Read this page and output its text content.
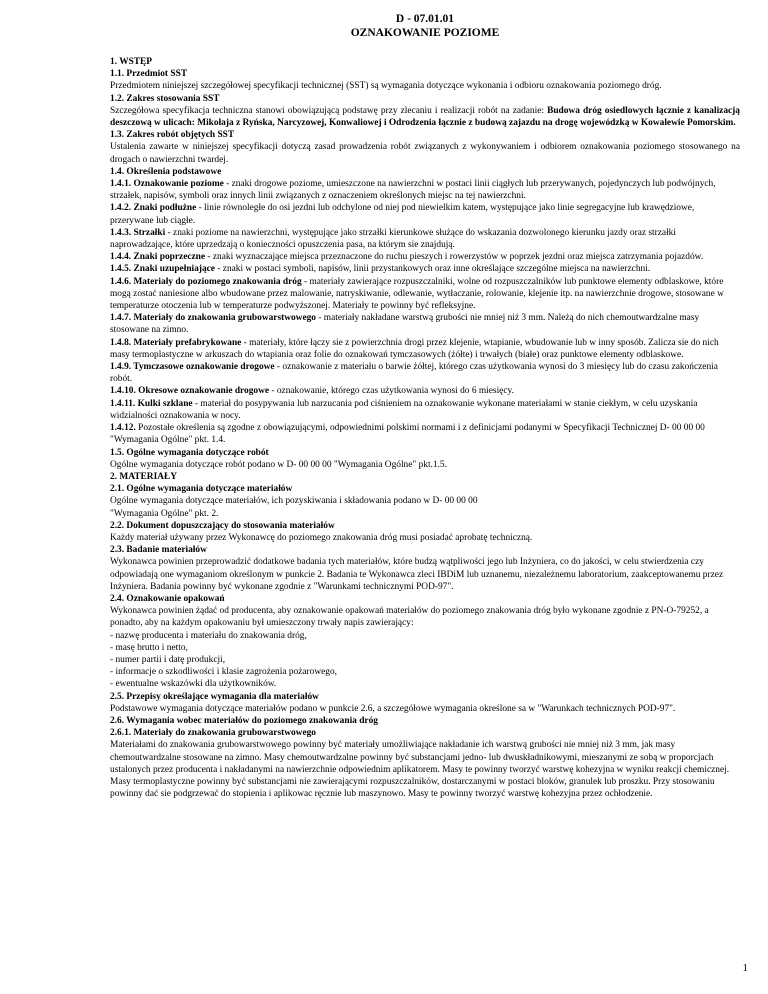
D - 07.01.01
OZNAKOWANIE POZIOME

1. WSTĘP

1.1. Przedmiot SST

Przedmiotem niniejszej szczegółowej specyfikacji technicznej (SST) są wymagania dotyczące wykonania i odbioru oznakowania poziomego dróg.

1.2. Zakres stosowania SST

Szczegółowa specyfikacja techniczna stanowi obowiązującą podstawę przy zlecaniu i realizacji robót na zadanie: Budowa dróg osiedlowych łącznie z kanalizacją deszczową w ulicach: Mikołaja z Ryńska, Narcyzowej, Konwaliowej i Odrodzenia łącznie z budową zajazdu na drogę wojewódzką w Kowalewie Pomorskim.

1.3. Zakres robót objętych SST

Ustalenia zawarte w niniejszej specyfikacji dotyczą zasad prowadzenia robót związanych z wykonywaniem i odbiorem oznakowania poziomego stosowanego na drogach o nawierzchni twardej.

1.4. Określenia podstawowe

1.4.1. Oznakowanie poziome - znaki drogowe poziome, umieszczone na nawierzchni w postaci linii ciągłych lub przerywanych, pojedynczych lub podwójnych, strzałek, napisów, symboli oraz innych linii związanych z oznaczeniem określonych miejsc na tej nawierzchni.

1.4.2. Znaki podłużne - linie równoległe do osi jezdni lub odchylone od niej pod niewielkim katem, występujące jako linie segregacyjne lub krawędziowe, przerywane lub ciągłe.

1.4.3. Strzałki - znaki poziome na nawierzchni, występujące jako strzałki kierunkowe służące do wskazania dozwolonego kierunku jazdy oraz strzałki naprowadzające, które uprzedzają o konieczności opuszczenia pasa, na którym sie znajdują.

1.4.4. Znaki poprzeczne - znaki wyznaczające miejsca przeznaczone do ruchu pieszych i rowerzystów w poprzek jezdni oraz miejsca zatrzymania pojazdów.

1.4.5. Znaki uzupełniające - znaki w postaci symboli, napisów, linii przystankowych oraz inne określające szczególne miejsca na nawierzchni.

1.4.6. Materiały do poziomego znakowania dróg - materiały zawierające rozpuszczalniki, wolne od rozpuszczalników lub punktowe elementy odblaskowe, które mogą zostać naniesione albo wbudowane przez malowanie, natryskiwanie, odlewanie, wytłaczanie, rolowanie, klejenie itp. na nawierzchnie drogowe, stosowane w temperaturze otoczenia lub w temperaturze podwyższonej. Materiały te powinny być refleksyjne.

1.4.7. Materiały do znakowania grubowarstwowego - materiały nakładane warstwą grubości nie mniej niż 3 mm. Należą do nich chemoutwardzalne masy stosowane na zimno.

1.4.8. Materiały prefabrykowane - materiały, które łączy sie z powierzchnia drogi przez klejenie, wtapianie, wbudowanie lub w inny sposób. Zalicza sie do nich masy termoplastyczne w arkuszach do wtapiania oraz folie do oznakowań tymczasowych (żółte) i trwałych (białe) oraz punktowe elementy odblaskowe.

1.4.9. Tymczasowe oznakowanie drogowe - oznakowanie z materiału o barwie żółtej, którego czas użytkowania wynosi do 3 miesięcy lub do czasu zakończenia robót.

1.4.10. Okresowe oznakowanie drogowe - oznakowanie, którego czas użytkowania wynosi do 6 miesięcy.

1.4.11. Kulki szklane - materiał do posypywania lub narzucania pod ciśnieniem na oznakowanie wykonane materiałami w stanie ciekłym, w celu uzyskania widzialności oznakowania w nocy.

1.4.12. Pozostałe określenia są zgodne z obowiązującymi, odpowiednimi polskimi normami i z definicjami podanymi w Specyfikacji Technicznej D- 00 00 00 "Wymagania Ogólne" pkt. 1.4.

1.5. Ogólne wymagania dotyczące robót

Ogólne wymagania dotyczące robót podano w D- 00 00 00 "Wymagania Ogólne" pkt.1.5.

2. MATERIAŁY

2.1. Ogólne wymagania dotyczące materiałów

Ogólne wymagania dotyczące materiałów, ich pozyskiwania i składowania podano w D- 00 00 00

"Wymagania Ogólne" pkt. 2.

2.2. Dokument dopuszczający do stosowania materiałów

Każdy materiał używany przez Wykonawcę do poziomego znakowania dróg musi posiadać aprobatę techniczną.

2.3. Badanie materiałów

Wykonawca powinien przeprowadzić dodatkowe badania tych materiałów, które budzą wątpliwości jego lub Inżyniera, co do jakości, w celu stwierdzenia czy odpowiadają one wymaganiom określonym w punkcie 2. Badania te Wykonawca zleci IBDiM lub uznanemu, niezależnemu laboratorium, zaakceptowanemu przez Inżyniera. Badania powinny być wykonane zgodnie z "Warunkami technicznymi POD-97".

2.4. Oznakowanie opakowań

Wykonawca powinien żądać od producenta, aby oznakowanie opakowań materiałów do poziomego znakowania dróg było wykonane zgodnie z PN-O-79252, a ponadto, aby na każdym opakowaniu był umieszczony trwały napis zawierający:

- nazwę producenta i materiału do znakowania dróg,

- masę brutto i netto,

- numer partii i datę produkcji,

- informacje o szkodliwości i klasie zagrożenia pożarowego,

- ewentualne wskazówki dla użytkowników.

2.5. Przepisy określające wymagania dla materiałów

Podstawowe wymagania dotyczące materiałów podano w punkcie 2.6, a szczegółowe wymagania określone sa w "Warunkach technicznych POD-97".

2.6. Wymagania wobec materiałów do poziomego znakowania dróg

2.6.1. Materiały do znakowania grubowarstwowego

Materiałami do znakowania grubowarstwowego powinny być materiały umożliwiające nakładanie ich warstwą grubości nie mniej niż 3 mm, jak masy chemoutwardzalne stosowane na zimno. Masy chemoutwardzalne powinny być substancjami jedno- lub dwuskładnikowymi, mieszanymi ze sobą w proporcjach ustalonych przez producenta i nakładanymi na nawierzchnie odpowiednim aplikatorem. Masy te powinny tworzyć warstwę kohezyjna w wyniku reakcji chemicznej. Masy termoplastyczne powinny być substancjami nie zawierającymi rozpuszczalników, dostarczanymi w postaci bloków, granulek lub proszku. Przy stosowaniu powinny dać sie podgrzewać do stopienia i aplikowac ręcznie lub maszynowo. Masy te powinny tworzyć warstwę kohezyjna przez ochłodzenie.

1
